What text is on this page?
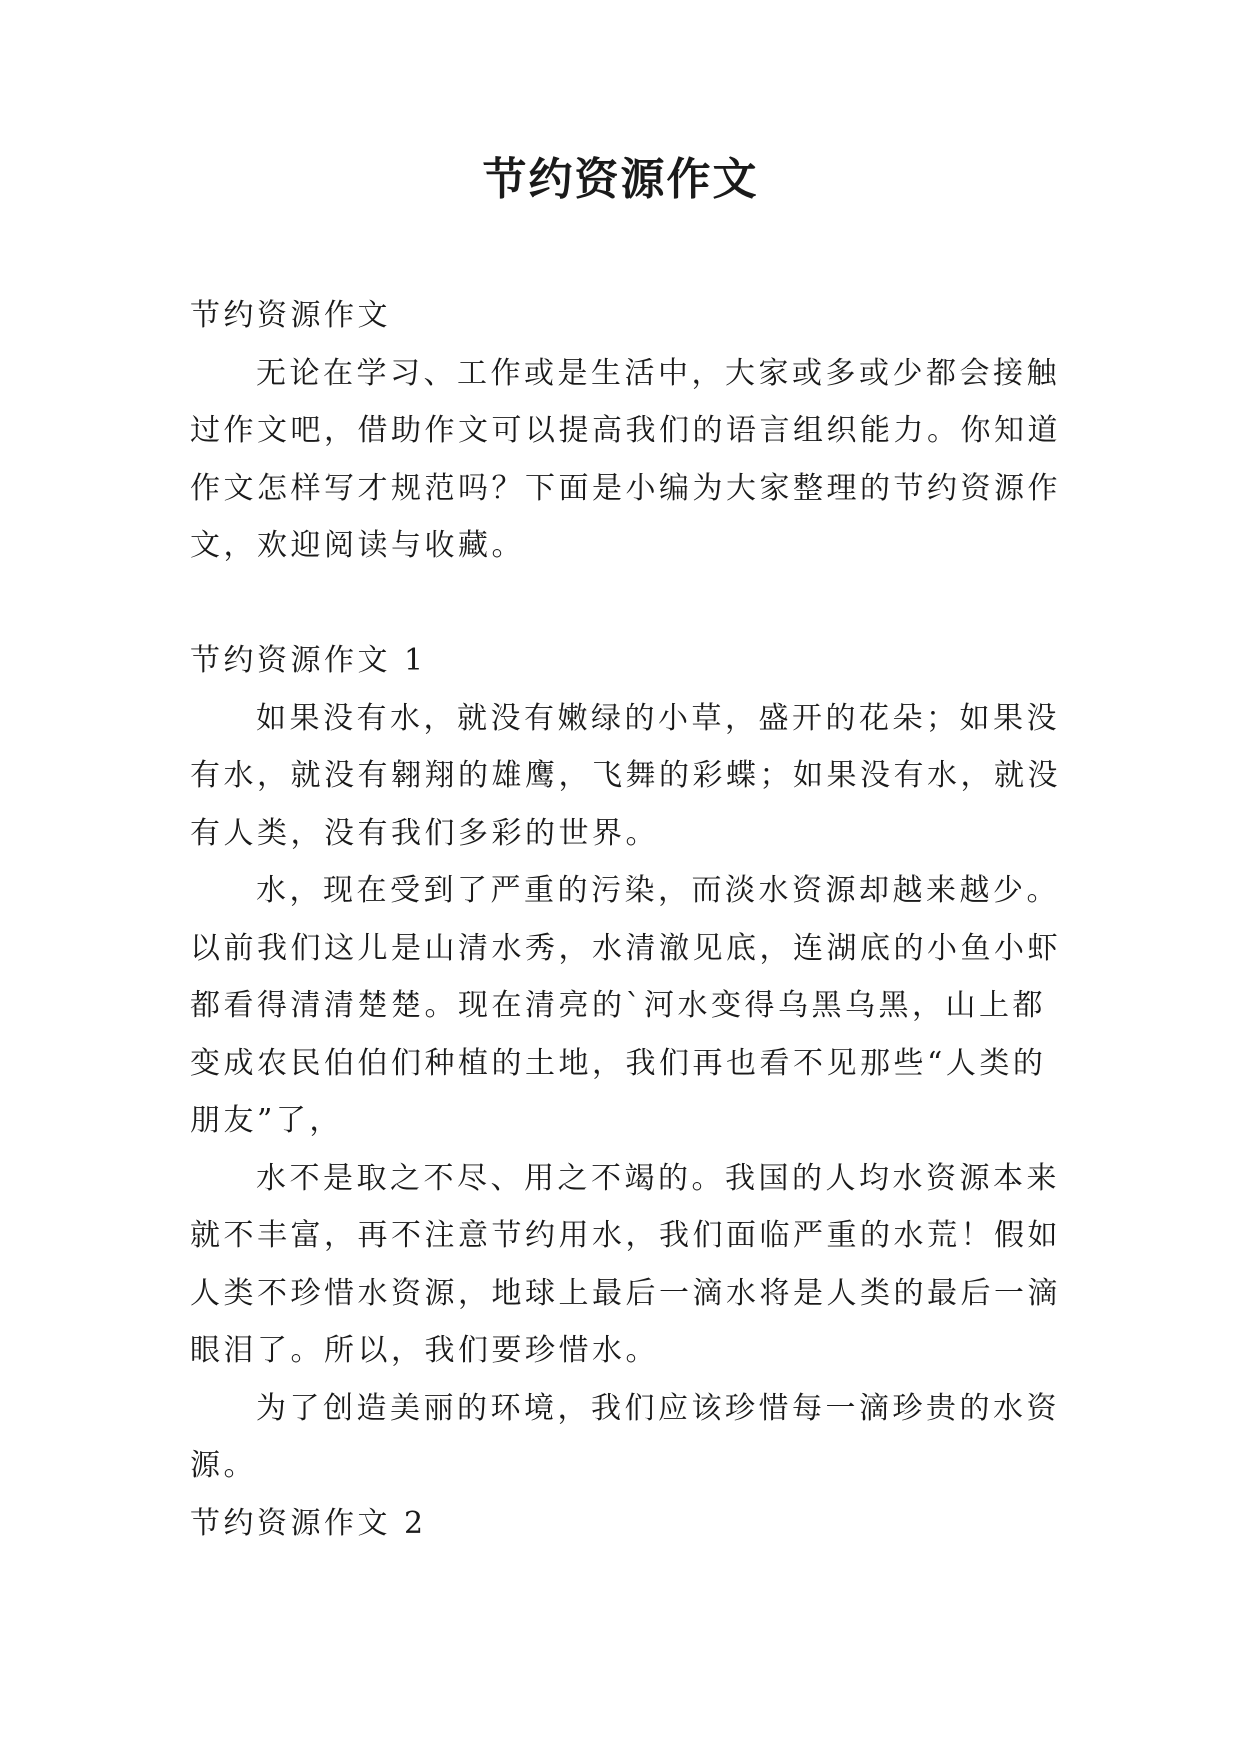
节约资源作文

节约资源作文

无论在学习、工作或是生活中，大家或多或少都会接触过作文吧，借助作文可以提高我们的语言组织能力。你知道作文怎样写才规范吗？下面是小编为大家整理的节约资源作文，欢迎阅读与收藏。

节约资源作文 1

如果没有水，就没有嫩绿的小草，盛开的花朵；如果没有水，就没有翱翔的雄鹰，飞舞的彩蝶；如果没有水，就没有人类，没有我们多彩的世界。

水，现在受到了严重的污染，而淡水资源却越来越少。以前我们这儿是山清水秀，水清澈见底，连湖底的小鱼小虾都看得清清楚楚。现在清亮的`河水变得乌黑乌黑，山上都变成农民伯伯们种植的土地，我们再也看不见那些“人类的朋友”了，

水不是取之不尽、用之不竭的。我国的人均水资源本来就不丰富，再不注意节约用水，我们面临严重的水荒！假如人类不珍惜水资源，地球上最后一滴水将是人类的最后一滴眼泪了。所以，我们要珍惜水。

为了创造美丽的环境，我们应该珍惜每一滴珍贵的水资源。

节约资源作文 2
